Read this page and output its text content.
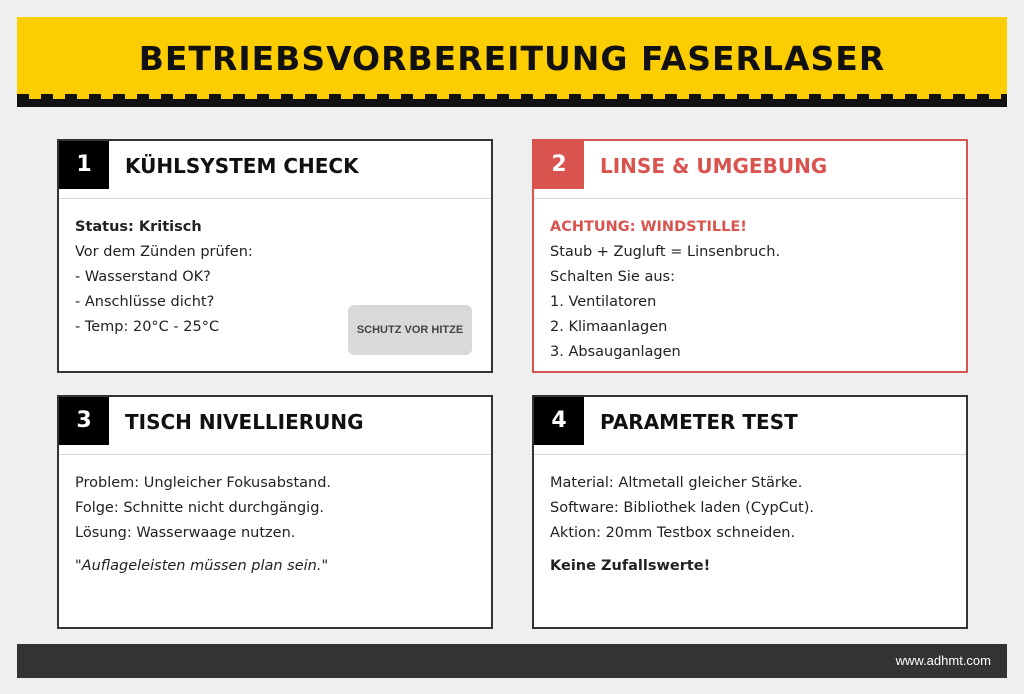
BETRIEBSVORBEREITUNG FASERLASER
1	KÜHLSYSTEM CHECK
Status: Kritisch
Vor dem Zünden prüfen:
- Wasserstand OK?
- Anschlüsse dicht?
- Temp: 20°C - 25°C	SCHUTZ VOR HITZE
2	LINSE & UMGEBUNG
ACHTUNG: WINDSTILLE!
Staub + Zugluft = Linsenbruch.
Schalten Sie aus:
1. Ventilatoren
2. Klimaanlagen
3. Absauganlagen
3	TISCH NIVELLIERUNG
Problem: Ungleicher Fokusabstand.
Folge: Schnitte nicht durchgängig.
Lösung: Wasserwaage nutzen.
"Auflageleisten müssen plan sein."
4	PARAMETER TEST
Material: Altmetall gleicher Stärke.
Software: Bibliothek laden (CypCut).
Aktion: 20mm Testbox schneiden.
Keine Zufallswerte!
www.adhmt.com
